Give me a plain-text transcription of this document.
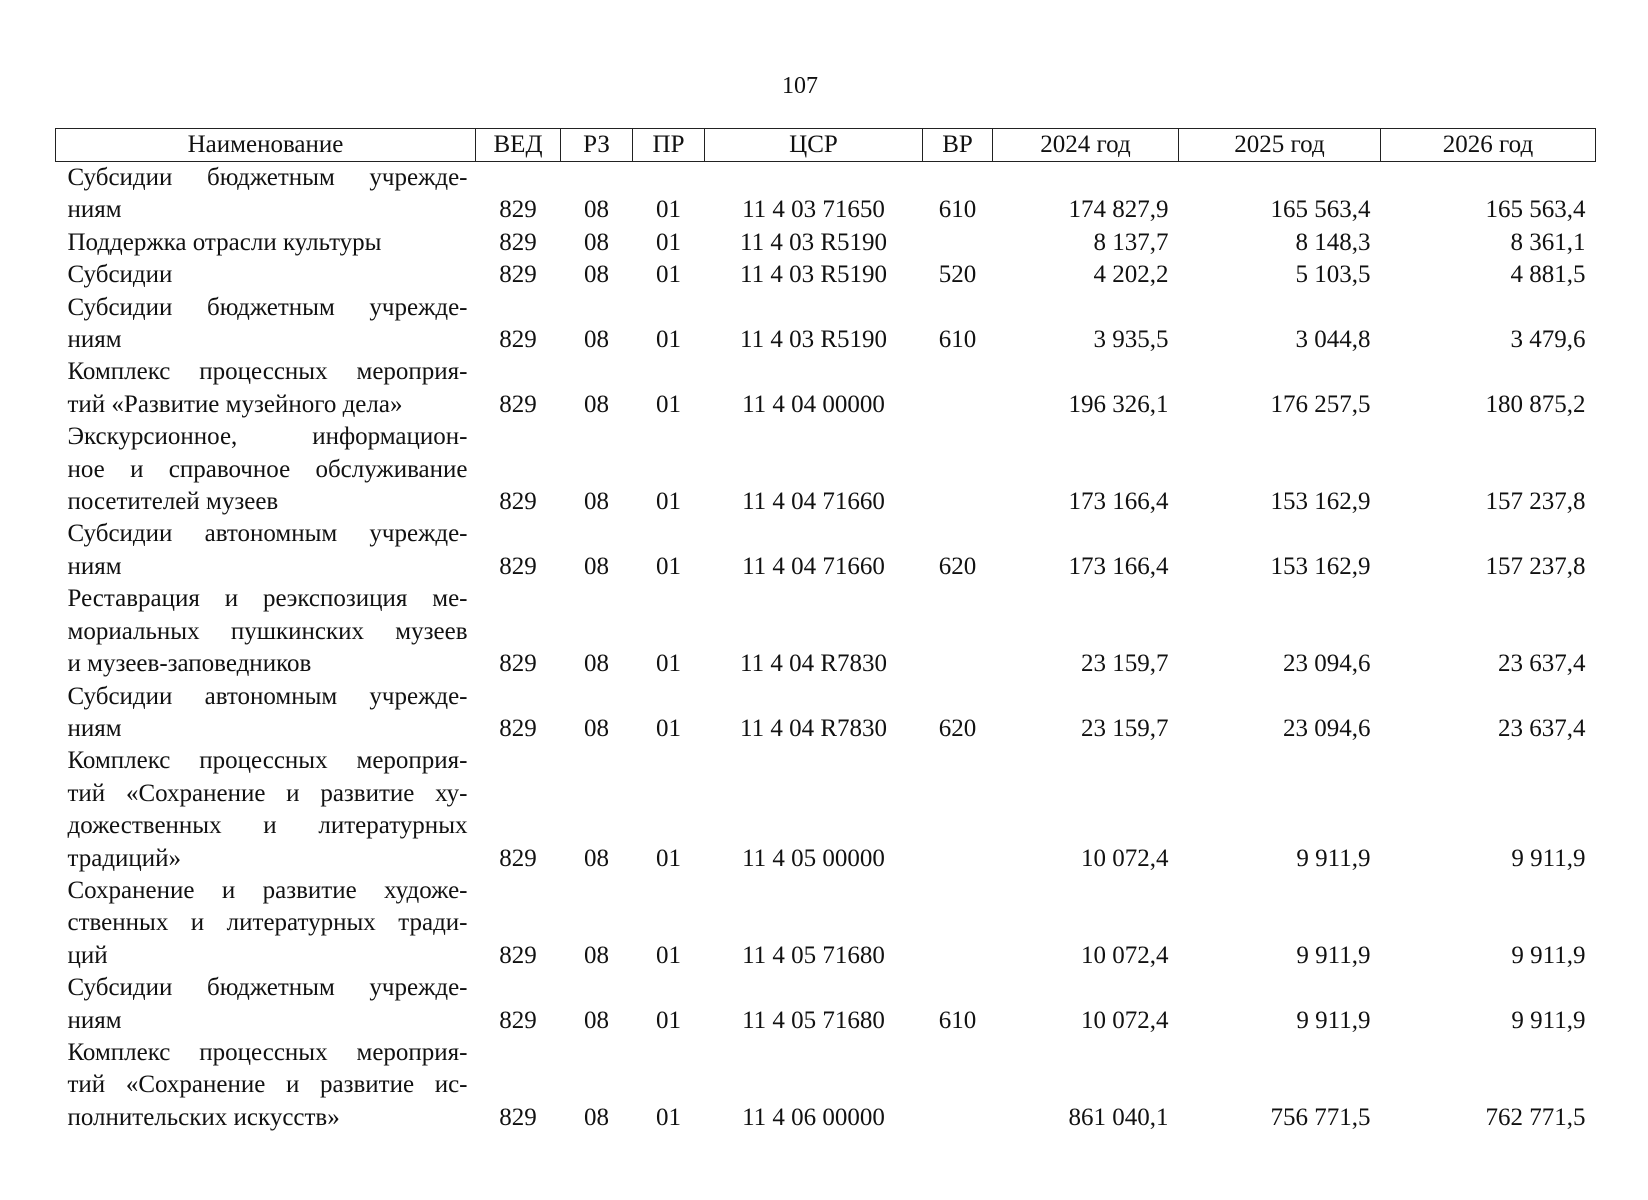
107
Наименование	ВЕД	РЗ	ПР	ЦСР	ВР	2024 год	2025 год	2026 год

Субсидии бюджетным учрежде-
ниям	829	08	01	11 4 03 71650	610	174 827,9	165 563,4	165 563,4

Поддержка отрасли культуры	829	08	01	11 4 03 R5190		8 137,7	8 148,3	8 361,1

Субсидии	829	08	01	11 4 03 R5190	520	4 202,2	5 103,5	4 881,5

Субсидии бюджетным учрежде-
ниям	829	08	01	11 4 03 R5190	610	3 935,5	3 044,8	3 479,6

Комплекс процессных мероприя-
тий «Развитие музейного дела»	829	08	01	11 4 04 00000		196 326,1	176 257,5	180 875,2

Экскурсионное, информацион-
ное и справочное обслуживание
посетителей музеев	829	08	01	11 4 04 71660		173 166,4	153 162,9	157 237,8

Субсидии автономным учрежде-
ниям	829	08	01	11 4 04 71660	620	173 166,4	153 162,9	157 237,8

Реставрация и реэкспозиция ме-
мориальных пушкинских музеев
и музеев-заповедников	829	08	01	11 4 04 R7830		23 159,7	23 094,6	23 637,4

Субсидии автономным учрежде-
ниям	829	08	01	11 4 04 R7830	620	23 159,7	23 094,6	23 637,4

Комплекс процессных мероприя-
тий «Сохранение и развитие ху-
дожественных и литературных
традиций»	829	08	01	11 4 05 00000		10 072,4	9 911,9	9 911,9

Сохранение и развитие художе-
ственных и литературных тради-
ций	829	08	01	11 4 05 71680		10 072,4	9 911,9	9 911,9

Субсидии бюджетным учрежде-
ниям	829	08	01	11 4 05 71680	610	10 072,4	9 911,9	9 911,9

Комплекс процессных мероприя-
тий «Сохранение и развитие ис-
полнительских искусств»	829	08	01	11 4 06 00000		861 040,1	756 771,5	762 771,5
